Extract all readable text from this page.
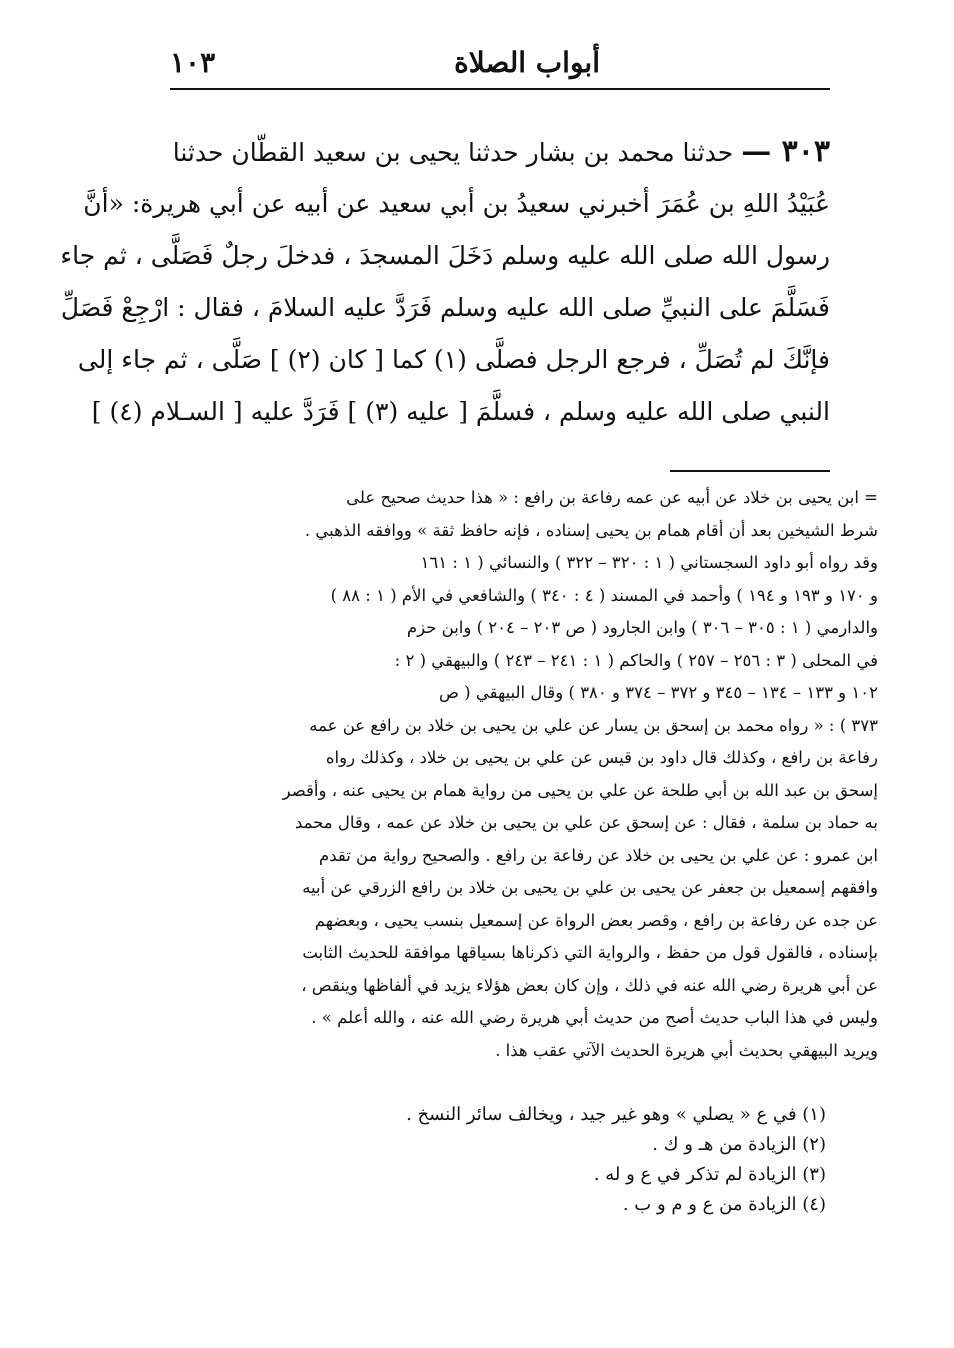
أبواب الصلاة
١٠٣
٣٠٣ — حدثنا محمد بن بشار حدثنا يحيى بن سعيد القطّان حدثنا
عُبَيْدُ اللهِ بن عُمَرَ أخبرني سعيدُ بن أبي سعيد عن أبيه عن أبي هريرة: «أنَّ
رسول الله صلى الله عليه وسلم دَخَلَ المسجدَ ، فدخلَ رجلٌ فَصَلَّى ، ثم جاء
فَسَلَّمَ على النبيِّ صلى الله عليه وسلم فَرَدَّ عليه السلامَ ، فقال : ارْجِعْ فَصَلِّ
فإنَّكَ لم تُصَلِّ ، فرجع الرجل فصلَّى (١) كما [ كان (٢) ] صَلَّى ، ثم جاء إلى
النبي صلى الله عليه وسلم ، فسلَّمَ [ عليه (٣) ] فَرَدَّ عليه [ السـلام (٤) ]
= ابن يحيى بن خلاد عن أبيه عن عمه رفاعة بن رافع : « هذا حديث صحيح على
شرط الشيخين بعد أن أقام همام بن يحيى إسناده ، فإنه حافظ ثقة » ووافقه الذهبي .
وقد رواه أبو داود السجستاني ( ١ : ٣٢٠ – ٣٢٢ ) والنسائي ( ١ : ١٦١
و ١٧٠ و ١٩٣ و ١٩٤ ) وأحمد في المسند ( ٤ : ٣٤٠ ) والشافعي في الأم ( ١ : ٨٨ )
والدارمي ( ١ : ٣٠٥ – ٣٠٦ ) وابن الجارود ( ص ٢٠٣ – ٢٠٤ ) وابن حزم
في المحلى ( ٣ : ٢٥٦ – ٢٥٧ ) والحاكم ( ١ : ٢٤١ – ٢٤٣ ) والبيهقي ( ٢ :
١٠٢ و ١٣٣ – ١٣٤ – ٣٤٥ و ٣٧٢ – ٣٧٤ و ٣٨٠ ) وقال البيهقي ( ص
٣٧٣ ) : « رواه محمد بن إسحق بن يسار عن علي بن يحيى بن خلاد بن رافع عن عمه
رفاعة بن رافع ، وكذلك قال داود بن قيس عن علي بن يحيى بن خلاد ، وكذلك رواه
إسحق بن عبد الله بن أبي طلحة عن علي بن يحيى من رواية همام بن يحيى عنه ، وأقصر
به حماد بن سلمة ، فقال : عن إسحق عن علي بن يحيى بن خلاد عن عمه ، وقال محمد
ابن عمرو : عن علي بن يحيى بن خلاد عن رفاعة بن رافع . والصحيح رواية من تقدم
وافقهم إسمعيل بن جعفر عن يحيى بن علي بن يحيى بن خلاد بن رافع الزرقي عن أبيه
عن جده عن رفاعة بن رافع ، وقصر بعض الرواة عن إسمعيل بنسب يحيى ، وبعضهم
بإسناده ، فالقول قول من حفظ ، والرواية التي ذكرناها بسياقها موافقة للحديث الثابت
عن أبي هريرة رضي الله عنه في ذلك ، وإن كان بعض هؤلاء يزيد في ألفاظها وينقص ،
وليس في هذا الباب حديث أصح من حديث أبي هريرة رضي الله عنه ، والله أعلم » .
ويريد البيهقي بحديث أبي هريرة الحديث الآتي عقب هذا .
(١) في ع « يصلي » وهو غير جيد ، ويخالف سائر النسخ .
(٢) الزيادة من هـ و ك .
(٣) الزيادة لم تذكر في ع و له .
(٤) الزيادة من ع و م و ب .
